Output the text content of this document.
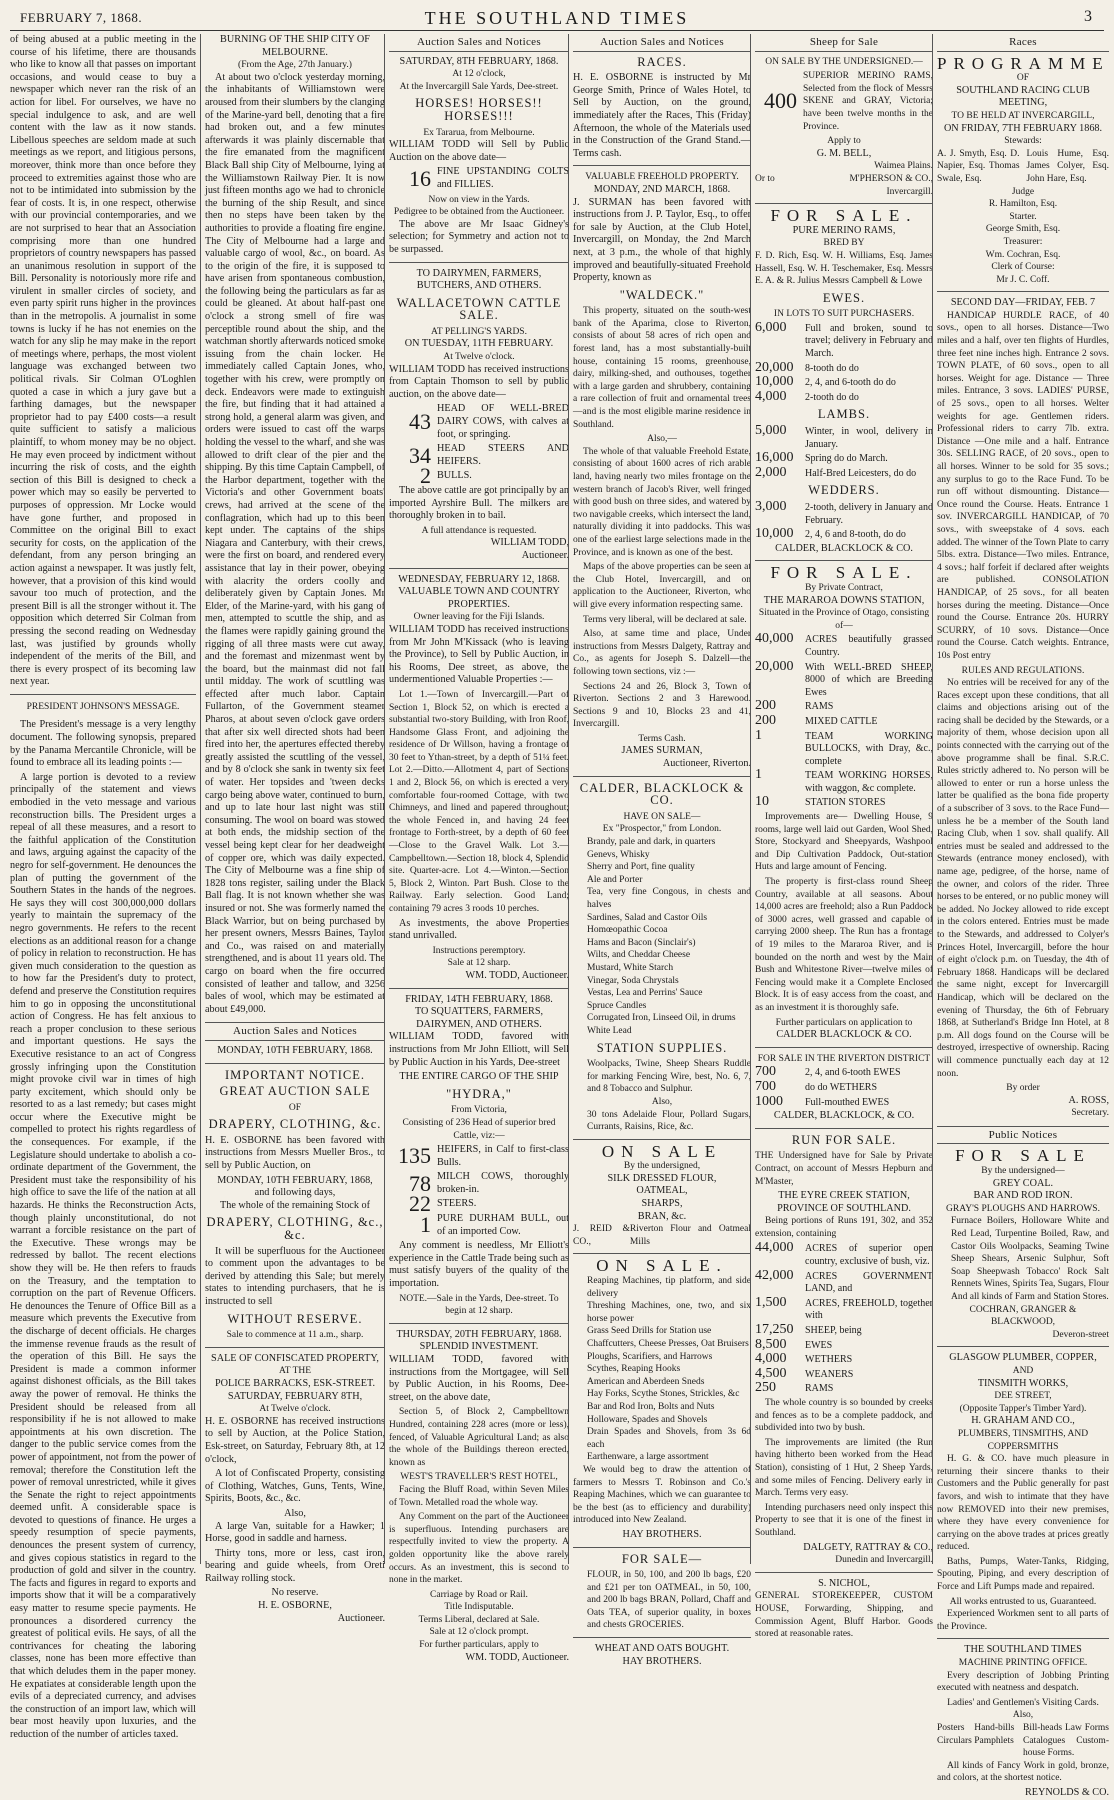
FEBRUARY 7, 1868.	THE SOUTHLAND TIMES	3

of being abused at a public meeting in the course of his lifetime, there are thousands who like to know all that passes on important occasions, and would cease to buy a newspaper which never ran the risk of an action for libel. For ourselves, we have no special indulgence to ask, and are well content with the law as it now stands. Libellous speeches are seldom made at such meetings as we report, and litigious persons, moreover, think more than once before they proceed to extremities against those who are not to be intimidated into submission by the fear of costs. It is, in one respect, otherwise with our provincial contemporaries, and we are not surprised to hear that an Association comprising more than one hundred proprietors of country newspapers has passed an unanimous resolution in support of the Bill. Personality is notoriously more rife and virulent in smaller circles of society, and even party spirit runs higher in the provinces than in the metropolis. A journalist in some towns is lucky if he has not enemies on the watch for any slip he may make in the report of meetings where, perhaps, the most violent language was exchanged between two political rivals. Sir Colman O'Loghlen quoted a case in which a jury gave but a farthing damages, but the newspaper proprietor had to pay £400 costs—a result quite sufficient to satisfy a malicious plaintiff, to whom money may be no object. He may even proceed by indictment without incurring the risk of costs, and the eighth section of this Bill is designed to check a power which may so easily be perverted to purposes of oppression. Mr Locke would have gone further, and proposed in Committee on the original Bill to exact security for costs, on the application of the defendant, from any person bringing an action against a newspaper. It was justly felt, however, that a provision of this kind would savour too much of protection, and the present Bill is all the stronger without it. The opposition which deterred Sir Colman from pressing the second reading on Wednesday last, was justified by grounds wholly independent of the merits of the Bill, and there is every prospect of its becoming law next year.

PRESIDENT JOHNSON'S MESSAGE.

The President's message is a very lengthy document. The following synopsis, prepared by the Panama Mercantile Chronicle, will be found to embrace all its leading points :—

A large portion is devoted to a review principally of the statement and views embodied in the veto message and various reconstruction bills. The President urges a repeal of all these measures, and a resort to the faithful application of the Constitution and laws, arguing against the capacity of the negro for self-government. He denounces the plan of putting the government of the Southern States in the hands of the negroes. He says they will cost 300,000,000 dollars yearly to maintain the supremacy of the negro governments. He refers to the recent elections as an additional reason for a change of policy in relation to reconstruction. He has given much consideration to the question as to how far the President's duty to protect, defend and preserve the Constitution requires him to go in opposing the unconstitutional action of Congress. He has felt anxious to reach a proper conclusion to these serious and important questions. He says the Executive resistance to an act of Congress grossly infringing upon the Constitution might provoke civil war in times of high party excitement, which should only be resorted to as a last remedy; but cases might occur where the Executive might be compelled to protect his rights regardless of the consequences. For example, if the Legislature should undertake to abolish a co-ordinate department of the Government, the President must take the responsibility of his high office to save the life of the nation at all hazards. He thinks the Reconstruction Acts, though plainly unconstitutional, do not warrant a forcible resistance on the part of the Executive. These wrongs may be redressed by ballot. The recent elections show they will be. He then refers to frauds on the Treasury, and the temptation to corruption on the part of Revenue Officers. He denounces the Tenure of Office Bill as a measure which prevents the Executive from the discharge of decent officials. He charges the immense revenue frauds as the result of the operation of this Bill. He says the President is made a common informer against dishonest officials, as the Bill takes away the power of removal. He thinks the President should be released from all responsibility if he is not allowed to make appointments at his own discretion. The danger to the public service comes from the power of appointment, not from the power of removal; therefore the Constitution left the power of removal unrestricted, while it gives the Senate the right to reject appointments deemed unfit. A considerable space is devoted to questions of finance. He urges a speedy resumption of specie payments, denounces the present system of currency, and gives copious statistics in regard to the production of gold and silver in the country. The facts and figures in regard to exports and imports show that it will be a comparatively easy matter to resume specie payments. He pronounces a disordered currency the greatest of political evils. He says, of all the contrivances for cheating the laboring classes, none has been more effective than that which deludes them in the paper money. He expatiates at considerable length upon the evils of a depreciated currency, and advises the construction of an import law, which will bear most heavily upon luxuries, and the reduction of the number of articles taxed.

BURNING OF THE SHIP CITY OF MELBOURNE.
(From the Age, 27th January.)

At about two o'clock yesterday morning, the inhabitants of Williamstown were aroused from their slumbers by the clanging of the Marine-yard bell, denoting that a fire had broken out, and a few minutes afterwards it was plainly discernable that the fire emanated from the magnificent Black Ball ship City of Melbourne, lying at the Williamstown Railway Pier. It is now just fifteen months ago we had to chronicle the burning of the ship Result, and since then no steps have been taken by the authorities to provide a floating fire engine. The City of Melbourne had a large and valuable cargo of wool, &c., on board. As to the origin of the fire, it is supposed to have arisen from spontaneous combustion, the following being the particulars as far as could be gleaned. At about half-past one o'clock a strong smell of fire was perceptible round about the ship, and the watchman shortly afterwards noticed smoke issuing from the chain locker. He immediately called Captain Jones, who, together with his crew, were promptly on deck. Endeavors were made to extinguish the fire, but finding that it had attained a strong hold, a general alarm was given, and orders were issued to cast off the warps holding the vessel to the wharf, and she was allowed to drift clear of the pier and the shipping. By this time Captain Campbell, of the Harbor department, together with the Victoria's and other Government boats' crews, had arrived at the scene of the conflagration, which had up to this been kept under. The captains of the ships Niagara and Canterbury, with their crews, were the first on board, and rendered every assistance that lay in their power, obeying with alacrity the orders coolly and deliberately given by Captain Jones. Mr Elder, of the Marine-yard, with his gang of men, attempted to scuttle the ship, and as the flames were rapidly gaining ground the rigging of all three masts were cut away, and the foremast and mizenmast went by the board, but the mainmast did not fall until midday. The work of scuttling was effected after much labor. Captain Fullarton, of the Government steamer Pharos, at about seven o'clock gave orders that after six well directed shots had been fired into her, the apertures effected thereby greatly assisted the scuttling of the vessel, and by 8 o'clock she sank in twenty six feet of water. Her topsides and 'tween decks cargo being above water, continued to burn, and up to late hour last night was still consuming. The wool on board was stowed at both ends, the midship section of the vessel being kept clear for her deadweight of copper ore, which was daily expected. The City of Melbourne was a fine ship of 1828 tons register, sailing under the Black Ball flag. It is not known whether she was insured or not. She was formerly named the Black Warrior, but on being purchased by her present owners, Messrs Baines, Taylor and Co., was raised on and materially strengthened, and is about 11 years old. The cargo on board when the fire occurred consisted of leather and tallow, and 3256 bales of wool, which may be estimated at about £49,000.

Auction Sales and Notices
MONDAY, 10TH FEBRUARY, 1868.
IMPORTANT NOTICE.
GREAT AUCTION SALE
OF
DRAPERY, CLOTHING, &c.

H. E. OSBORNE has been favored with instructions from Messrs Mueller Bros., to sell by Public Auction, on

MONDAY, 10TH FEBRUARY, 1868,
and following days,
The whole of the remaining Stock of
DRAPERY, CLOTHING, &c., &c.

It will be superfluous for the Auctioneer to comment upon the advantages to be derived by attending this Sale; but merely states to intending purchasers, that he is instructed to sell

WITHOUT RESERVE.
Sale to commence at 11 a.m., sharp.
SALE OF CONFISCATED PROPERTY,
AT THE
POLICE BARRACKS, ESK-STREET.
SATURDAY, FEBRUARY 8TH,
At Twelve o'clock.

H. E. OSBORNE has received instructions to sell by Auction, at the Police Station, Esk-street, on Saturday, February 8th, at 12 o'clock,

A lot of Confiscated Property, consisting of Clothing, Watches, Guns, Tents, Wine, Spirits, Boots, &c., &c.

Also,

A large Van, suitable for a Hawker; 1 Horse, good in saddle and harness.

Thirty tons, more or less, cast iron, bearing and guide wheels, from Oreti Railway rolling stock.

No reserve.
H. E. OSBORNE,
Auctioneer.
Auction Sales and Notices
SATURDAY, 8TH FEBRUARY, 1868.
At 12 o'clock,
At the Invercargill Sale Yards, Dee-street.
HORSES! HORSES!! HORSES!!!
Ex Tararua, from Melbourne.

WILLIAM TODD will Sell by Public Auction on the above date—

16 FINE UPSTANDING COLTS and FILLIES.
Now on view in the Yards.
Pedigree to be obtained from the Auctioneer.

The above are Mr Isaac Gidney's selection; for Symmetry and action not to be surpassed.

TO DAIRYMEN, FARMERS, BUTCHERS, AND OTHERS.
WALLACETOWN CATTLE SALE.
AT PELLING'S YARDS.
ON TUESDAY, 11TH FEBRUARY.
At Twelve o'clock.

WILLIAM TODD has received instructions from Captain Thomson to sell by public auction, on the above date—

43
HEAD OF WELL-BRED DAIRY COWS, with calves at foot, or springing.
34 HEAD STEERS AND HEIFERS.
2 BULLS.

The above cattle are got principally by an imported Ayrshire Bull. The milkers are thoroughly broken in to bail.

A full attendance is requested.
WILLIAM TODD,
Auctioneer.
WEDNESDAY, FEBRUARY 12, 1868.
VALUABLE TOWN AND COUNTRY PROPERTIES.
Owner leaving for the Fiji Islands.

WILLIAM TODD has received instructions from Mr John M'Kissack (who is leaving the Province), to Sell by Public Auction, in his Rooms, Dee street, as above, the undermentioned Valuable Properties :—

Lot 1.—Town of Invercargill.—Part of Section 1, Block 52, on which is erected a substantial two-story Building, with Iron Roof, Handsome Glass Front, and adjoining the residence of Dr Willson, having a frontage of 30 feet to Ythan-street, by a depth of 51¼ feet. Lot 2.—Ditto.—Allotment 4, part of Sections 1 and 2, Block 56, on which is erected a very comfortable four-roomed Cottage, with two Chimneys, and lined and papered throughout; the whole Fenced in, and having 24 feet frontage to Forth-street, by a depth of 60 feet—Close to the Gravel Walk. Lot 3.—Campbelltown.—Section 18, block 4, Splendid site. Quarter-acre. Lot 4.—Winton.—Section 5, Block 2, Winton. Part Bush. Close to the Railway. Early selection. Good Land; containing 79 acres 3 roods 10 perches.

As investments, the above Properties stand unrivalled.

Instructions peremptory.
Sale at 12 sharp.
WM. TODD, Auctioneer.
FRIDAY, 14TH FEBRUARY, 1868.
TO SQUATTERS, FARMERS, DAIRYMEN, AND OTHERS.

WILLIAM TODD, favored with instructions from Mr John Elliott, will Sell by Public Auction in his Yards, Dee-street

THE ENTIRE CARGO OF THE SHIP
"HYDRA,"
From Victoria,
Consisting of 236 Head of superior bred Cattle, viz:—
135 HEIFERS, in Calf to first-class Bulls.
78 MILCH COWS, thoroughly broken-in.
22 STEERS.
1 PURE DURHAM BULL, out of an imported Cow.

Any comment is needless, Mr Elliott's experience in the Cattle Trade being such as must satisfy buyers of the quality of the importation.

NOTE.—Sale in the Yards, Dee-street. To begin at 12 sharp.
THURSDAY, 20TH FEBRUARY, 1868.
SPLENDID INVESTMENT.

WILLIAM TODD, favored with instructions from the Mortgagee, will Sell by Public Auction, in his Rooms, Dee-street, on the above date,

Section 5, of Block 2, Campbelltown Hundred, containing 228 acres (more or less), fenced, of Valuable Agricultural Land; as also the whole of the Buildings thereon erected, known as

WEST'S TRAVELLER'S REST HOTEL,

Facing the Bluff Road, within Seven Miles of Town. Metalled road the whole way.

Any Comment on the part of the Auctioneer is superfluous. Intending purchasers are respectfully invited to view the property. A golden opportunity like the above rarely occurs. As an investment, this is second to none in the market.

Carriage by Road or Rail.
Title Indisputable.
Terms Liberal, declared at Sale.
Sale at 12 o'clock prompt.
For further particulars, apply to
WM. TODD, Auctioneer.
Auction Sales and Notices
RACES.

H. E. OSBORNE is instructed by Mr George Smith, Prince of Wales Hotel, to Sell by Auction, on the ground, immediately after the Races, This (Friday) Afternoon, the whole of the Materials used in the Construction of the Grand Stand.—Terms cash.

VALUABLE FREEHOLD PROPERTY.
MONDAY, 2ND MARCH, 1868.

J. SURMAN has been favored with instructions from J. P. Taylor, Esq., to offer for sale by Auction, at the Club Hotel, Invercargill, on Monday, the 2nd March next, at 3 p.m., the whole of that highly improved and beautifully-situated Freehold Property, known as

"WALDECK."

This property, situated on the south-west bank of the Aparima, close to Riverton, consists of about 58 acres of rich open and forest land, has a most substantially-built house, containing 15 rooms, greenhouse, dairy, milking-shed, and outhouses, together with a large garden and shrubbery, containing a rare collection of fruit and ornamental trees—and is the most eligible marine residence in Southland.

Also,—

The whole of that valuable Freehold Estate, consisting of about 1600 acres of rich arable land, having nearly two miles frontage on the western branch of Jacob's River, well fringed with good bush on three sides, and watered by two navigable creeks, which intersect the land, naturally dividing it into paddocks. This was one of the earliest large selections made in the Province, and is known as one of the best.

Maps of the above properties can be seen at the Club Hotel, Invercargill, and on application to the Auctioneer, Riverton, who will give every information respecting same.

Terms very liberal, will be declared at sale.

Also, at same time and place, Under instructions from Messrs Dalgety, Rattray and Co., as agents for Joseph S. Dalzell—the following town sections, viz :—

Sections 24 and 26, Block 3, Town of Riverton. Sections 2 and 3 Harewood. Sections 9 and 10, Blocks 23 and 41, Invercargill.

Terms Cash.
JAMES SURMAN,
Auctioneer, Riverton.
CALDER, BLACKLOCK & CO.
HAVE ON SALE—
Ex "Prospector," from London.
Brandy, pale and dark, in quarters
Genevs, Whisky
Sherry and Port, fine quality
Ale and Porter
Tea, very fine Congous, in chests and halves
Sardines, Salad and Castor Oils
Homœopathic Cocoa
Hams and Bacon (Sinclair's)
Wilts, and Cheddar Cheese
Mustard, White Starch
Vinegar, Soda Chrystals
Vestas, Lea and Perrins' Sauce
Spruce Candles
Corrugated Iron, Linseed Oil, in drums
White Lead
STATION SUPPLIES.

Woolpacks, Twine, Sheep Shears Ruddle for marking Fencing Wire, best, No. 6, 7, and 8 Tobacco and Sulphur.

Also,

30 tons Adelaide Flour, Pollard Sugars, Currants, Raisins, Rice, &c.

ON SALE
By the undersigned,
SILK DRESSED FLOUR,
OATMEAL,
SHARPS,
BRAN, &c.
J. REID & CO.,
Riverton Flour and Oatmeal Mills
ON SALE.
Reaping Machines, tip platform, and side delivery
Threshing Machines, one, two, and six horse power
Grass Seed Drills for Station use
Chaffcutters, Cheese Presses, Oat Bruisers
Ploughs, Scarifiers, and Harrows
Scythes, Reaping Hooks
American and Aberdeen Sneds
Hay Forks, Scythe Stones, Strickles, &c
Bar and Rod Iron, Bolts and Nuts
Holloware, Spades and Shovels
Drain Spades and Shovels, from 3s 6d each
Earthenware, a large assortment

We would beg to draw the attention of farmers to Messrs T. Robinson and Co.'s Reaping Machines, which we can guarantee to be the best (as to efficiency and durability) introduced into New Zealand.

HAY BROTHERS.
FOR SALE—

FLOUR, in 50, 100, and 200 lb bags, £20 and £21 per ton OATMEAL, in 50, 100, and 200 lb bags BRAN, Pollard, Chaff and Oats TEA, of superior quality, in boxes and chests GROCERIES.

WHEAT AND OATS BOUGHT.
HAY BROTHERS.
Sheep for Sale
ON SALE BY THE UNDERSIGNED.—
400
SUPERIOR MERINO RAMS, Selected from the flock of Messrs SKENE and GRAY, Victoria; have been twelve months in the Province.
Apply to
G. M. BELL,
Waimea Plains.
Or to	M'PHERSON & CO.,
Invercargill.
FOR SALE.
PURE MERINO RAMS,
BRED BY

F. D. Rich, Esq. W. H. Williams, Esq. James Hassell, Esq. W. H. Teschemaker, Esq. Messrs E. A. & R. Julius Messrs Campbell & Lowe

EWES.
IN LOTS TO SUIT PURCHASERS.
6,000	Full and broken, sound to travel; delivery in February and March.
20,000	8-tooth do do
10,000	2, 4, and 6-tooth do do
4,000	2-tooth do do
LAMBS.
5,000	Winter, in wool, delivery in January.
16,000	Spring do do March.
2,000	Half-Bred Leicesters, do do
WEDDERS.
3,000	2-tooth, delivery in January and February.
10,000	2, 4, 6 and 8-tooth, do do
CALDER, BLACKLOCK & CO.
FOR SALE.
By Private Contract,
THE MARAROA DOWNS STATION,
Situated in the Province of Otago, consisting of—
40,000	ACRES beautifully grassed Country.
20,000	With WELL-BRED SHEEP, 8000 of which are Breeding Ewes
200	RAMS
200	MIXED CATTLE
1	TEAM WORKING BULLOCKS, with Dray, &c., complete
1	TEAM WORKING HORSES, with waggon, &c complete.
10	STATION STORES

Improvements are— Dwelling House, 9 rooms, large well laid out Garden, Wool Shed, Store, Stockyard and Sheepyards, Washpool and Dip Cultivation Paddock, Out-station Huts and large amount of Fencing.

The property is first-class round Sheep Country, available at all seasons. About 14,000 acres are freehold; also a Run Paddock of 3000 acres, well grassed and capable of carrying 2000 sheep. The Run has a frontage of 19 miles to the Mararoa River, and is bounded on the north and west by the Main Bush and Whitestone River—twelve miles of Fencing would make it a Complete Enclosed Block. It is of easy access from the coast, and as an investment it is thoroughly safe.

Further particulars on application to
CALDER BLACKLOCK & CO.
FOR SALE IN THE RIVERTON DISTRICT
700	2, 4, and 6-tooth EWES
700	do do WETHERS
1000	Full-mouthed EWES
CALDER, BLACKLOCK, & CO.
RUN FOR SALE.

THE Undersigned have for Sale by Private Contract, on account of Messrs Hepburn and M'Master,

THE EYRE CREEK STATION, PROVINCE OF SOUTHLAND.

Being portions of Runs 191, 302, and 352 extension, containing

44,000	ACRES of superior open country, exclusive of bush, viz.
42,000	ACRES GOVERNMENT LAND, and
1,500	ACRES, FREEHOLD, together with
17,250	SHEEP, being
8,500	EWES
4,000	WETHERS
4,500	WEANERS
250	RAMS

The whole country is so bounded by creeks and fences as to be a complete paddock, and subdivided into two by bush.

The improvements are limited (the Run having hitherto been worked from the Head Station), consisting of 1 Hut, 2 Sheep Yards, and some miles of Fencing. Delivery early in March. Terms very easy.

Intending purchasers need only inspect this Property to see that it is one of the finest in Southland.

DALGETY, RATTRAY & CO.,
Dunedin and Invercargill.
S. NICHOL,

GENERAL STOREKEEPER, CUSTOM HOUSE, Forwarding, Shipping, and Commission Agent, Bluff Harbor. Goods stored at reasonable rates.

Races
PROGRAMME
OF
SOUTHLAND RACING CLUB MEETING,
TO BE HELD AT INVERCARGILL,
ON FRIDAY, 7TH FEBRUARY 1868.
Stewards:
A. J. Smyth, Esq. D. Napier, Esq. Thomas Swale, Esq.
Louis Hume, Esq. James Colyer, Esq. John Hare, Esq.
Judge
R. Hamilton, Esq.
Starter.
George Smith, Esq.
Treasurer:
Wm. Cochran, Esq.
Clerk of Course:
Mr J. C. Coff.
SECOND DAY—FRIDAY, FEB. 7

HANDICAP HURDLE RACE, of 40 sovs., open to all horses. Distance—Two miles and a half, over ten flights of Hurdles, three feet nine inches high. Entrance 2 sovs. TOWN PLATE, of 60 sovs., open to all horses. Weight for age. Distance — Three miles. Entrance, 3 sovs. LADIES' PURSE, of 25 sovs., open to all horses. Welter weights for age. Gentlemen riders. Professional riders to carry 7lb. extra. Distance —One mile and a half. Entrance 30s. SELLING RACE, of 20 sovs., open to all horses. Winner to be sold for 35 sovs.; any surplus to go to the Race Fund. To be run off without dismounting. Distance—Once round the Course. Heats. Entrance 1 sov. INVERCARGILL HANDICAP, of 70 sovs., with sweepstake of 4 sovs. each added. The winner of the Town Plate to carry 5lbs. extra. Distance—Two miles. Entrance, 4 sovs.; half forfeit if declared after weights are published. CONSOLATION HANDICAP, of 25 sovs., for all beaten horses during the meeting. Distance—Once round the Course. Entrance 20s. HURRY SCURRY, of 10 sovs. Distance—Once round the Course. Catch weights. Entrance, 10s Post entry

RULES AND REGULATIONS.

No entries will be received for any of the Races except upon these conditions, that all claims and objections arising out of the racing shall be decided by the Stewards, or a majority of them, whose decision upon all points connected with the carrying out of the above programme shall be final. S.R.C. Rules strictly adhered to. No person will be allowed to enter or run a horse unless the latter be qualified as the bona fide property of a subscriber of 3 sovs. to the Race Fund—unless he be a member of the South land Racing Club, when 1 sov. shall qualify. All entries must be sealed and addressed to the Stewards (entrance money enclosed), with name age, pedigree, of the horse, name of the owner, and colors of the rider. Three horses to be entered, or no public money will be added. No Jockey allowed to ride except in the colors entered. Entries must be made to the Stewards, and addressed to Colyer's Princes Hotel, Invercargill, before the hour of eight o'clock p.m. on Tuesday, the 4th of February 1868. Handicaps will be declared the same night, except for Invercargill Handicap, which will be declared on the evening of Thursday, the 6th of February 1868, at Sutherland's Bridge Inn Hotel, at 8 p.m. All dogs found on the Course will be destroyed, irrespective of ownership. Racing will commence punctually each day at 12 noon.

By order
A. ROSS,
Secretary.
Public Notices
FOR SALE
By the undersigned—
GREY COAL.
BAR AND ROD IRON.
GRAY'S PLOUGHS AND HARROWS.

Furnace Boilers, Holloware White and Red Lead, Turpentine Boiled, Raw, and Castor Oils Woolpacks, Seaming Twine Sheep Shears, Arsenic Sulphur, Soft Soap Sheepwash Tobacco' Rock Salt Rennets Wines, Spirits Tea, Sugars, Flour And all kinds of Farm and Station Stores.

COCHRAN, GRANGER & BLACKWOOD,
Deveron-street
GLASGOW PLUMBER, COPPER,
AND
TINSMITH WORKS,
DEE STREET,
(Opposite Tapper's Timber Yard).
H. GRAHAM AND CO.,
PLUMBERS, TINSMITHS, AND COPPERSMITHS

H. G. & CO. have much pleasure in returning their sincere thanks to their Customers and the Public generally for past favors, and wish to intimate that they have now REMOVED into their new premises, where they have every convenience for carrying on the above trades at prices greatly reduced.

Baths, Pumps, Water-Tanks, Ridging, Spouting, Piping, and every description of Force and Lift Pumps made and repaired.

All works entrusted to us, Guaranteed.

Experienced Workmen sent to all parts of the Province.

THE SOUTHLAND TIMES
MACHINE PRINTING OFFICE.

Every description of Jobbing Printing executed with neatness and despatch.

Ladies' and Gentlemen's Visiting Cards.
Also,
Posters Hand-bills Circulars Pamphlets
Bill-heads Law Forms Catalogues Custom-house Forms.

All kinds of Fancy Work in gold, bronze, and colors, at the shortest notice.

REYNOLDS & CO.
